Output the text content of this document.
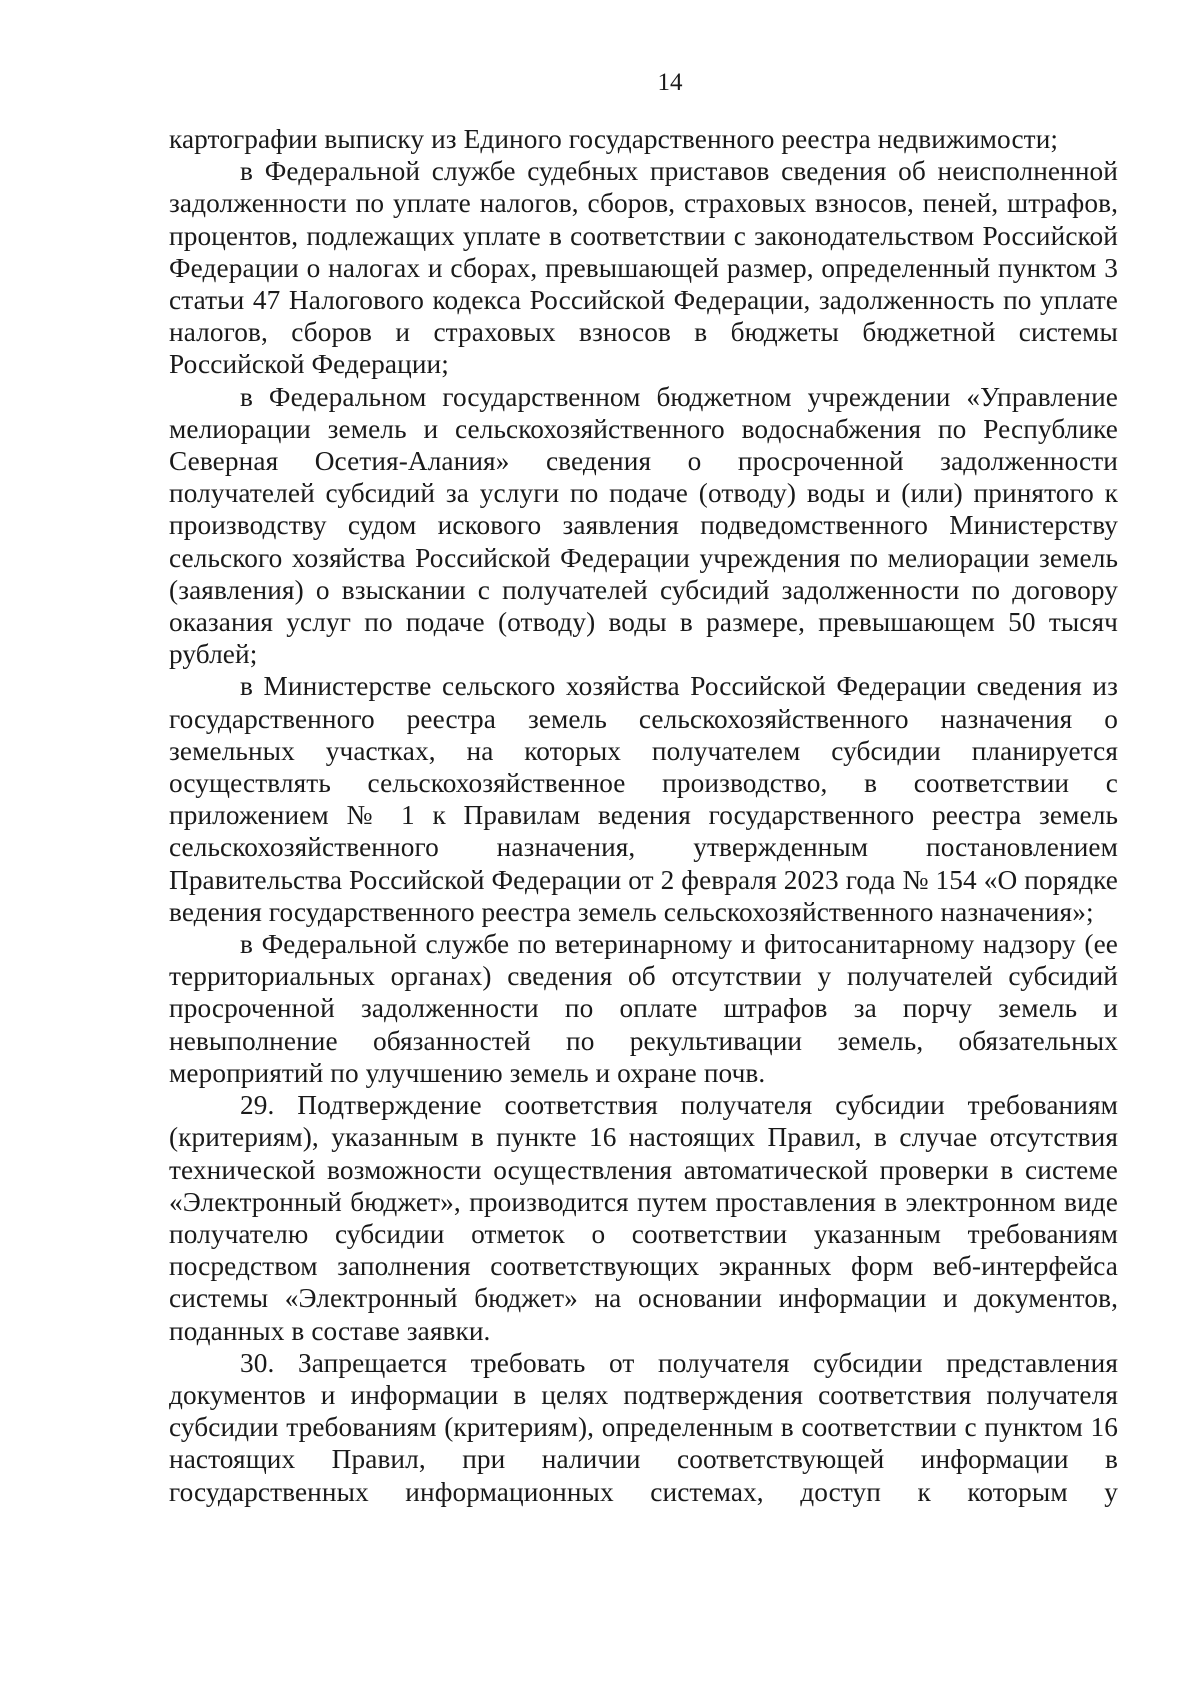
14

картографии выписку из Единого государственного реестра недвижимости;

в Федеральной службе судебных приставов сведения об неисполненной задолженности по уплате налогов, сборов, страховых взносов, пеней, штрафов, процентов, подлежащих уплате в соответствии с законодательством Российской Федерации о налогах и сборах, превышающей размер, определенный пунктом 3 статьи 47 Налогового кодекса Российской Федерации, задолженность по уплате налогов, сборов и страховых взносов в бюджеты бюджетной системы Российской Федерации;

в Федеральном государственном бюджетном учреждении «Управление мелиорации земель и сельскохозяйственного водоснабжения по Республике Северная Осетия-Алания» сведения о просроченной задолженности получателей субсидий за услуги по подаче (отводу) воды и (или) принятого к производству судом искового заявления подведомственного Министерству сельского хозяйства Российской Федерации учреждения по мелиорации земель (заявления) о взыскании с получателей субсидий задолженности по договору оказания услуг по подаче (отводу) воды в размере, превышающем 50 тысяч рублей;

в Министерстве сельского хозяйства Российской Федерации сведения из государственного реестра земель сельскохозяйственного назначения о земельных участках, на которых получателем субсидии планируется осуществлять сельскохозяйственное производство, в соответствии с приложением № 1 к Правилам ведения государственного реестра земель сельскохозяйственного назначения, утвержденным постановлением Правительства Российской Федерации от 2 февраля 2023 года № 154 «О порядке ведения государственного реестра земель сельскохозяйственного назначения»;

в Федеральной службе по ветеринарному и фитосанитарному надзору (ее территориальных органах) сведения об отсутствии у получателей субсидий просроченной задолженности по оплате штрафов за порчу земель и невыполнение обязанностей по рекультивации земель, обязательных мероприятий по улучшению земель и охране почв.

29. Подтверждение соответствия получателя субсидии требованиям (критериям), указанным в пункте 16 настоящих Правил, в случае отсутствия технической возможности осуществления автоматической проверки в системе «Электронный бюджет», производится путем проставления в электронном виде получателю субсидии отметок о соответствии указанным требованиям посредством заполнения соответствующих экранных форм веб-интерфейса системы «Электронный бюджет» на основании информации и документов, поданных в составе заявки.

30. Запрещается требовать от получателя субсидии представления документов и информации в целях подтверждения соответствия получателя субсидии требованиям (критериям), определенным в соответствии с пунктом 16 настоящих Правил, при наличии соответствующей информации в государственных информационных системах, доступ к которым у
